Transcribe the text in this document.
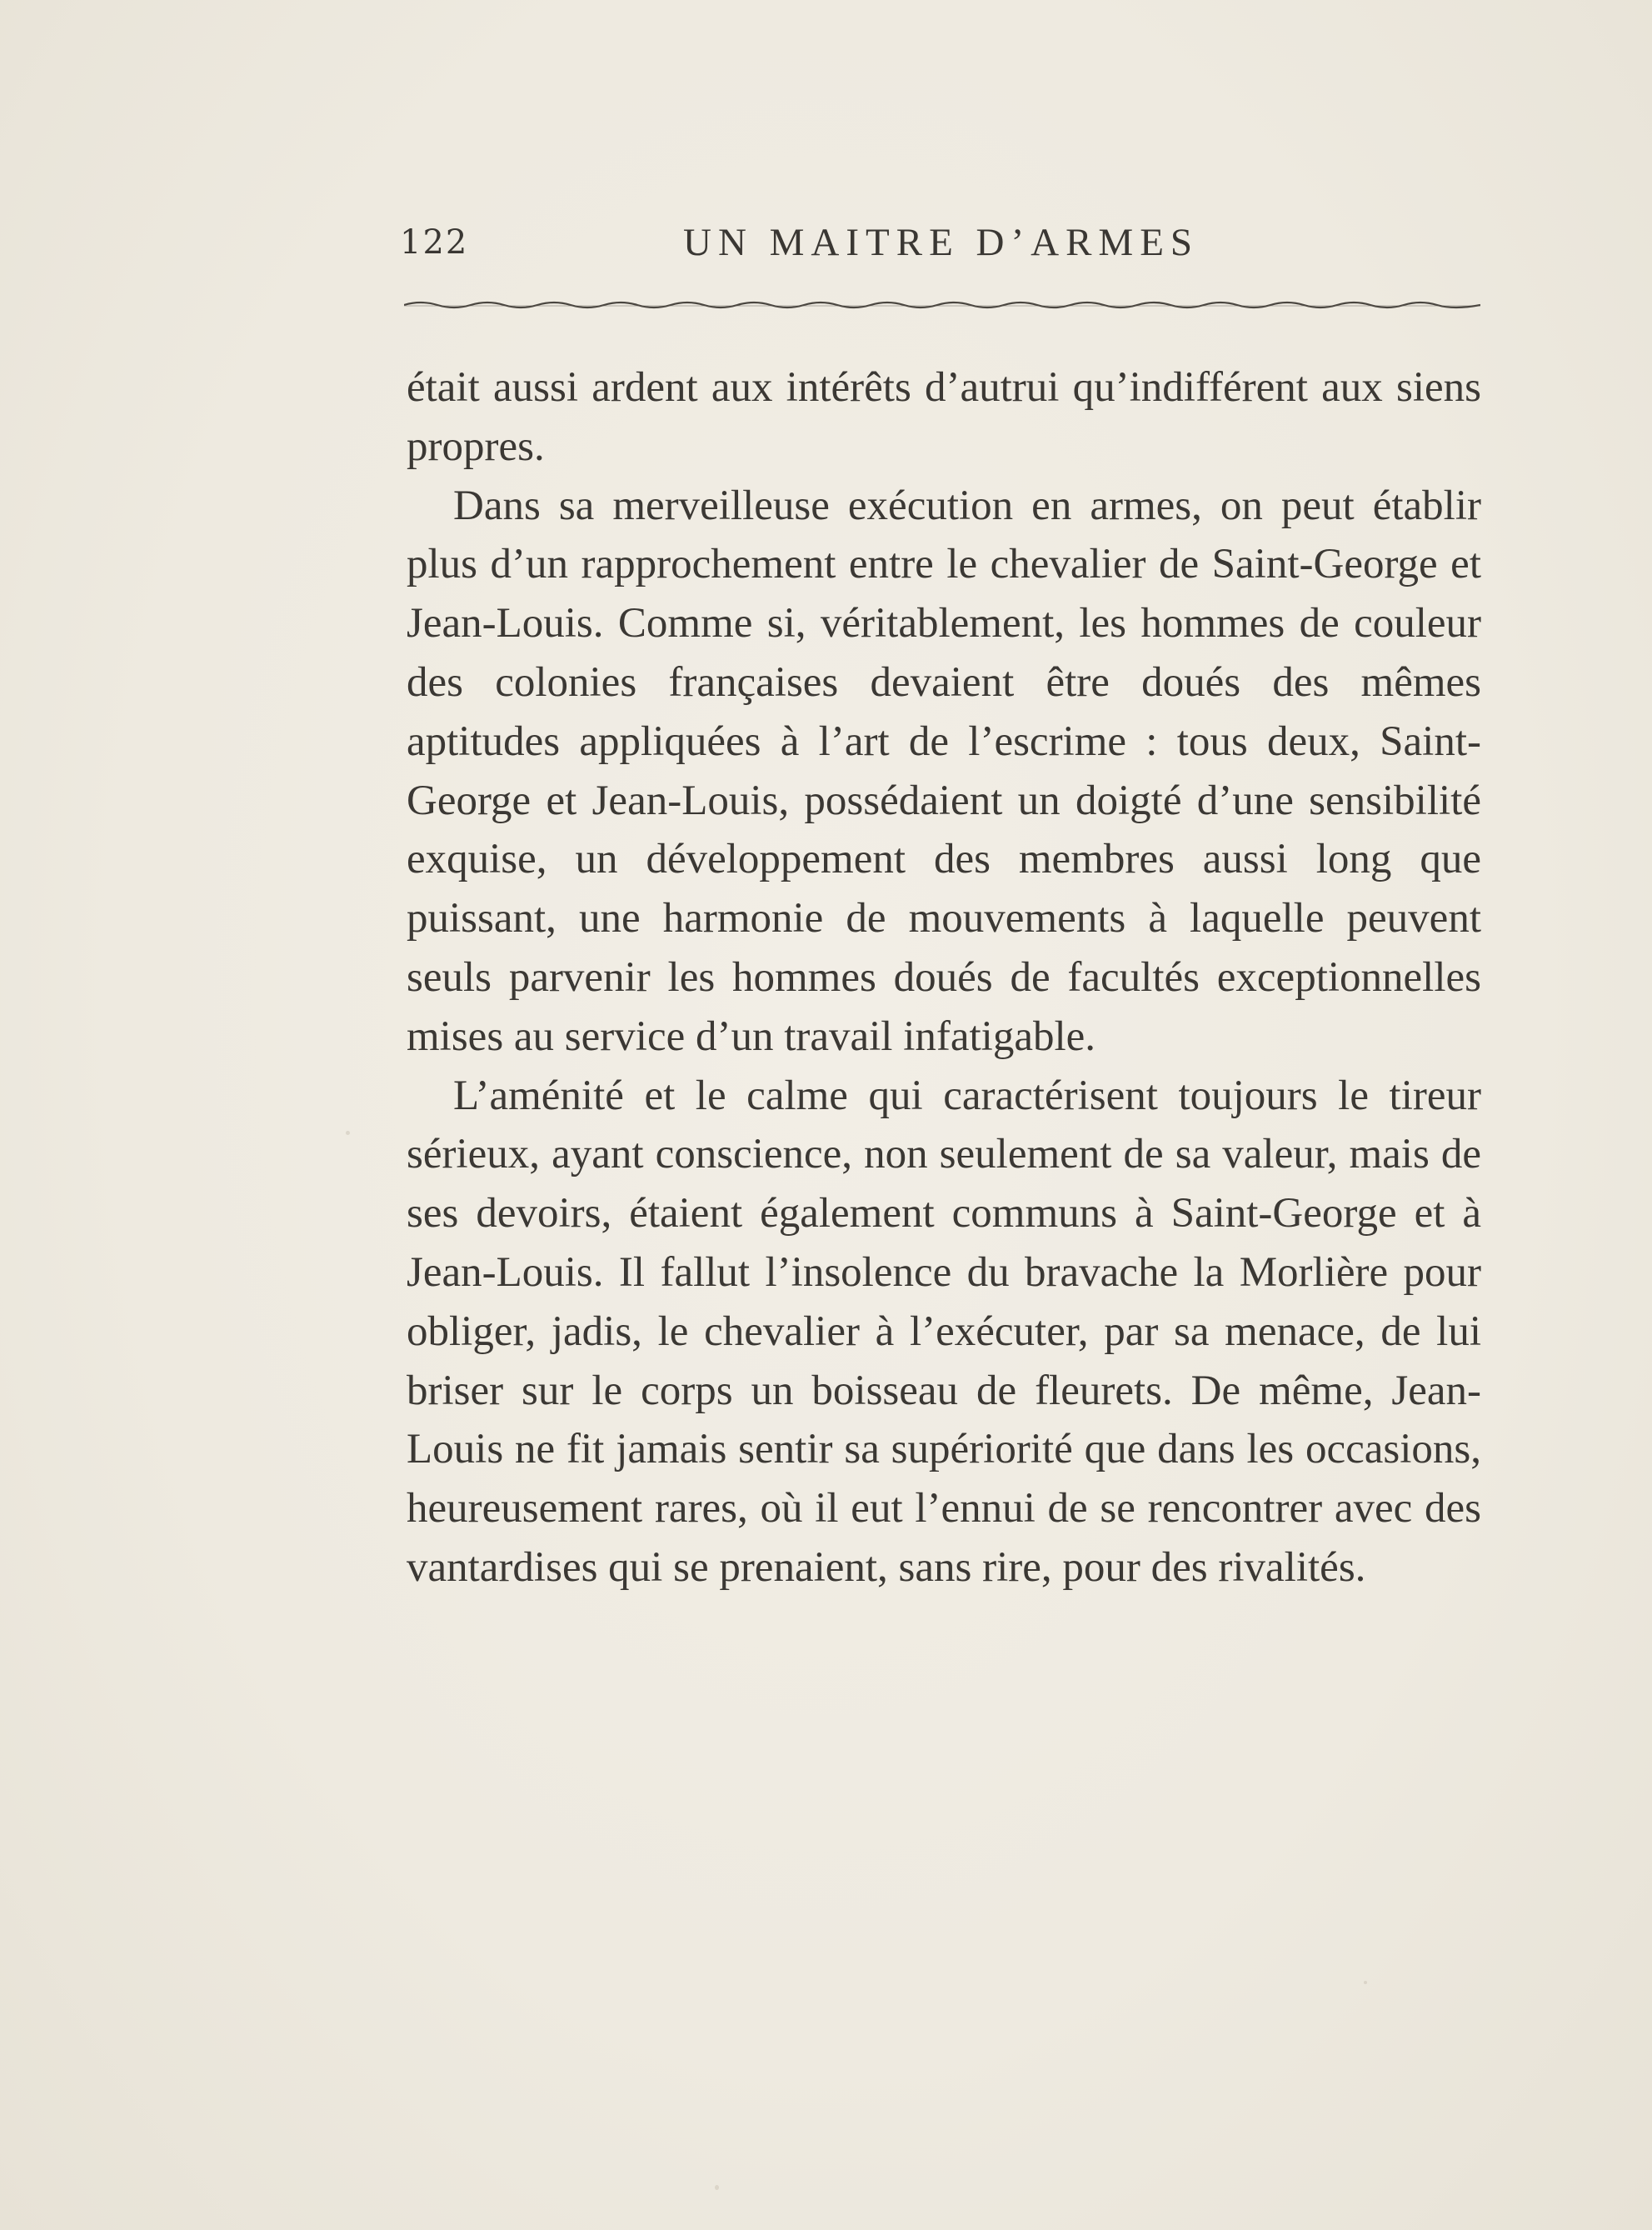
122	UN MAITRE D’ARMES

était aussi ardent aux intérêts d’autrui qu’indifférent aux siens propres.

Dans sa merveilleuse exécution en armes, on peut établir plus d’un rapprochement entre le chevalier de Saint-George et Jean-Louis. Comme si, véritablement, les hommes de couleur des colonies françaises devaient être doués des mêmes aptitudes appliquées à l’art de l’escrime : tous deux, Saint-George et Jean-Louis, possédaient un doigté d’une sensibilité exquise, un développement des membres aussi long que puissant, une harmonie de mouvements à laquelle peuvent seuls parvenir les hommes doués de facultés exceptionnelles mises au service d’un travail infatigable.

L’aménité et le calme qui caractérisent toujours le tireur sérieux, ayant conscience, non seulement de sa valeur, mais de ses devoirs, étaient également communs à Saint-George et à Jean-Louis. Il fallut l’insolence du bravache la Morlière pour obliger, jadis, le chevalier à l’exécuter, par sa menace, de lui briser sur le corps un boisseau de fleurets. De même, Jean-Louis ne fit jamais sentir sa supériorité que dans les occasions, heureusement rares, où il eut l’ennui de se rencontrer avec des vantardises qui se prenaient, sans rire, pour des rivalités.
